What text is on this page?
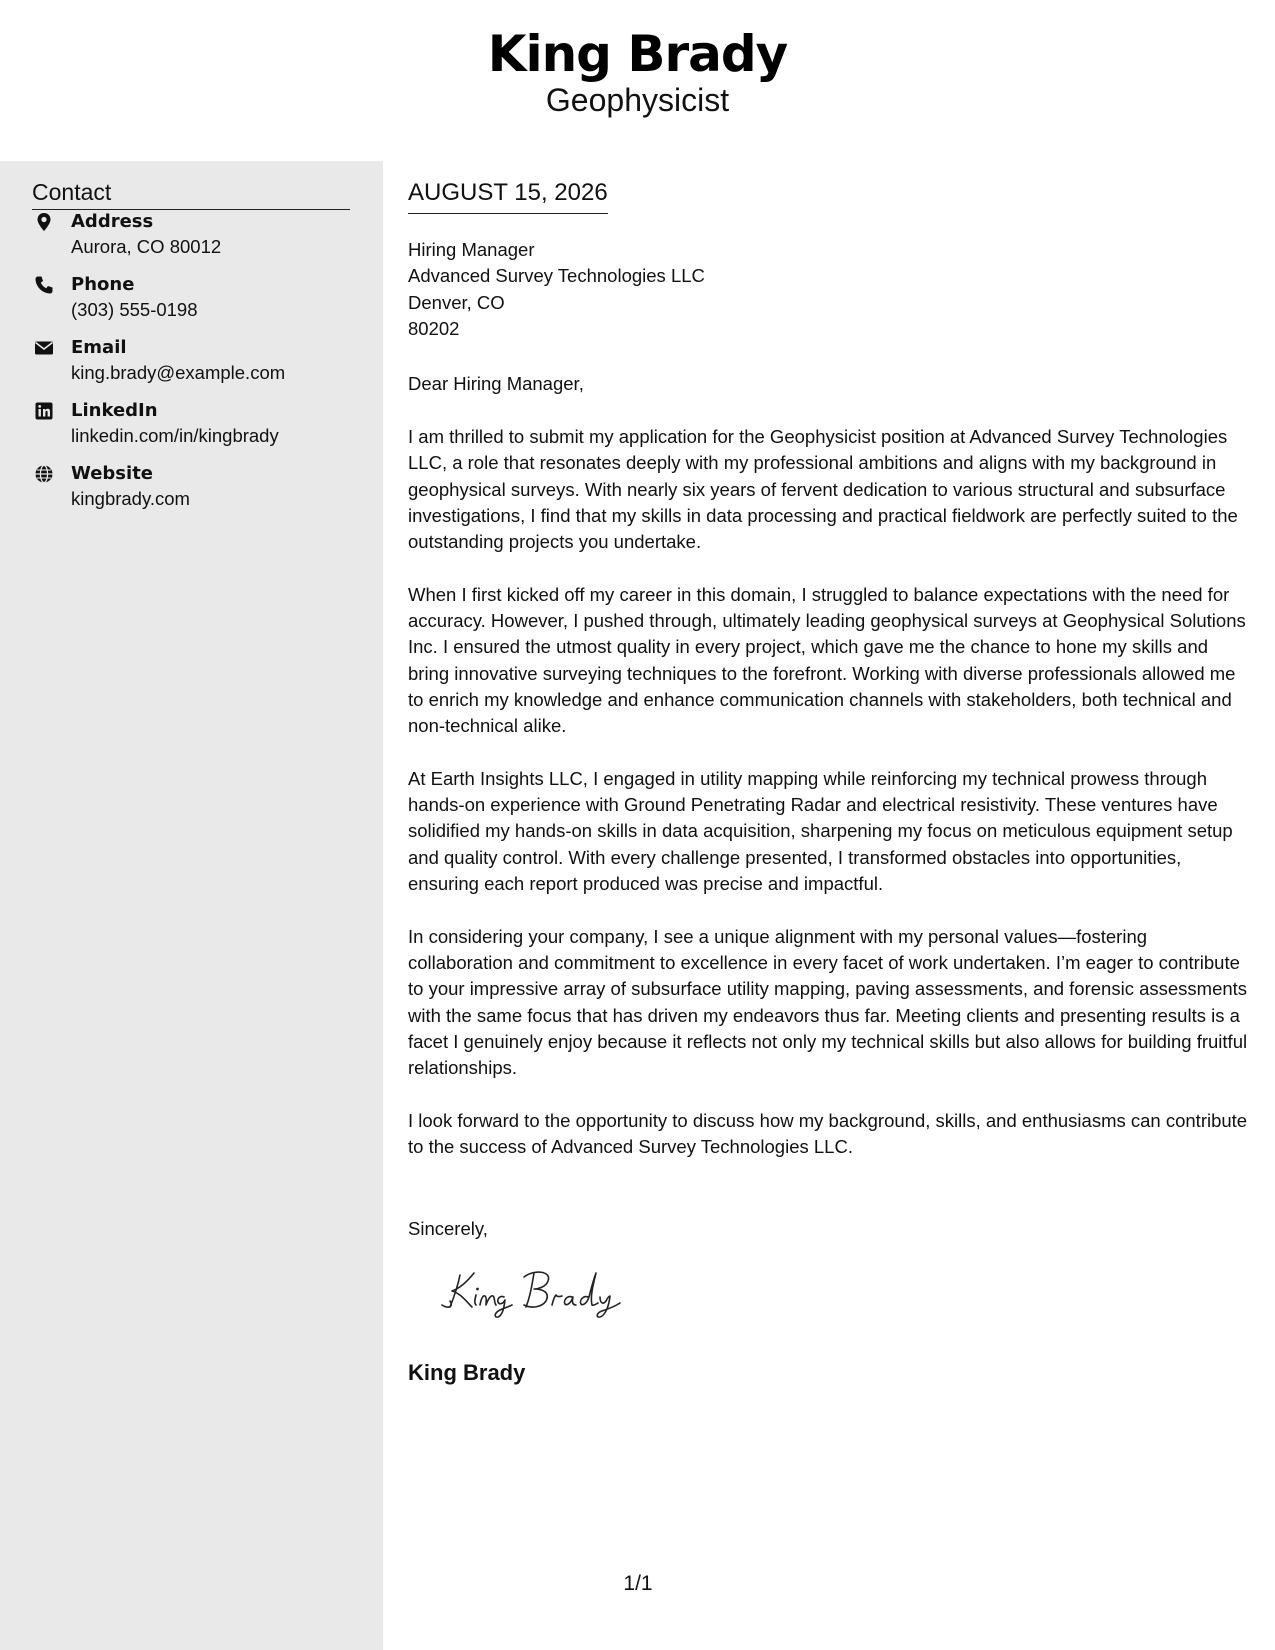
King Brady
Geophysicist
Contact
Address
Aurora, CO 80012
Phone
(303) 555-0198
Email
king.brady@example.com
LinkedIn
linkedin.com/in/kingbrady
Website
kingbrady.com
AUGUST 15, 2026
Hiring Manager
Advanced Survey Technologies LLC
Denver, CO
80202
Dear Hiring Manager,

I am thrilled to submit my application for the Geophysicist position at Advanced Survey Technologies LLC, a role that resonates deeply with my professional ambitions and aligns with my background in geophysical surveys. With nearly six years of fervent dedication to various structural and subsurface investigations, I find that my skills in data processing and practical fieldwork are perfectly suited to the outstanding projects you undertake.

When I first kicked off my career in this domain, I struggled to balance expectations with the need for accuracy. However, I pushed through, ultimately leading geophysical surveys at Geophysical Solutions Inc. I ensured the utmost quality in every project, which gave me the chance to hone my skills and bring innovative surveying techniques to the forefront. Working with diverse professionals allowed me to enrich my knowledge and enhance communication channels with stakeholders, both technical and non-technical alike.

At Earth Insights LLC, I engaged in utility mapping while reinforcing my technical prowess through hands-on experience with Ground Penetrating Radar and electrical resistivity. These ventures have solidified my hands-on skills in data acquisition, sharpening my focus on meticulous equipment setup and quality control. With every challenge presented, I transformed obstacles into opportunities, ensuring each report produced was precise and impactful.

In considering your company, I see a unique alignment with my personal values—fostering collaboration and commitment to excellence in every facet of work undertaken. I’m eager to contribute to your impressive array of subsurface utility mapping, paving assessments, and forensic assessments with the same focus that has driven my endeavors thus far. Meeting clients and presenting results is a facet I genuinely enjoy because it reflects not only my technical skills but also allows for building fruitful relationships.

I look forward to the opportunity to discuss how my background, skills, and enthusiasms can contribute to the success of Advanced Survey Technologies LLC.

Sincerely,
King Brady
1/1
